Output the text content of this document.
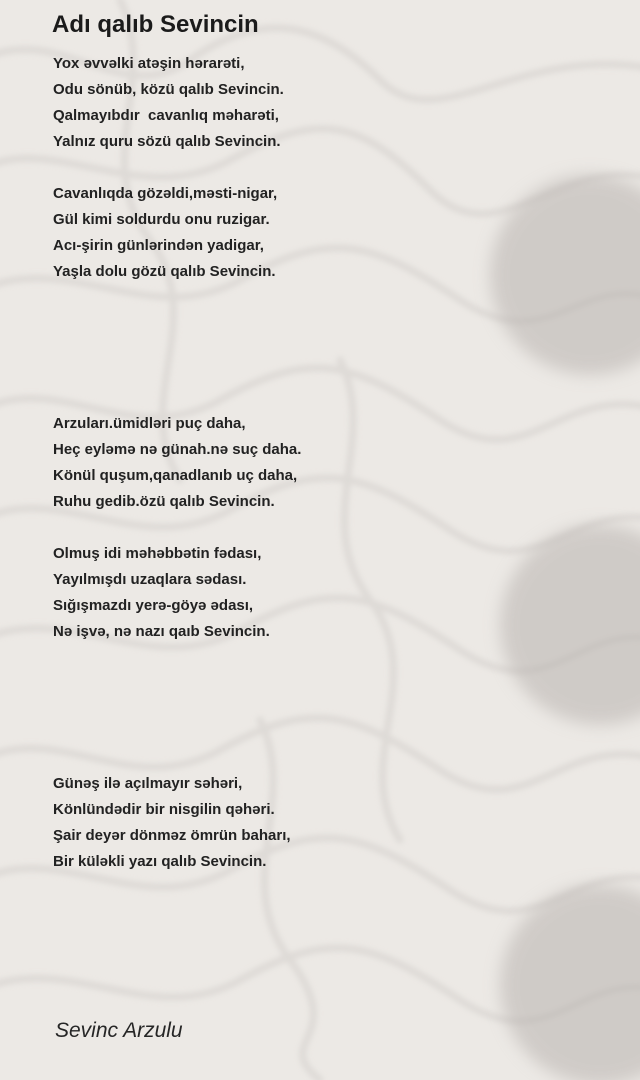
Adı qalıb Sevincin
Yox əvvəlki atəşin hərarəti,
Odu sönüb, közü qalıb Sevincin.
Qalmayıbdır  cavanlıq məharəti,
Yalnız quru sözü qalıb Sevincin.
Cavanlıqda gözəldi,məsti-nigar,
Gül kimi soldurdu onu ruzigar.
Acı-şirin günlərindən yadigar,
Yaşla dolu gözü qalıb Sevincin.
Arzuları.ümidləri puç daha,
Heç eyləmə nə günah.nə suç daha.
Könül quşum,qanadlanıb uç daha,
Ruhu gedib.özü qalıb Sevincin.
Olmuş idi məhəbbətin fədası,
Yayılmışdı uzaqlara sədası.
Sığışmazdı yerə-göyə ədası,
Nə işvə, nə nazı qaıb Sevincin.
Günəş ilə açılmayır səhəri,
Könlündədir bir nisgilin qəhəri.
Şair deyər dönməz ömrün baharı,
Bir küləkli yazı qalıb Sevincin.
Sevinc Arzulu
